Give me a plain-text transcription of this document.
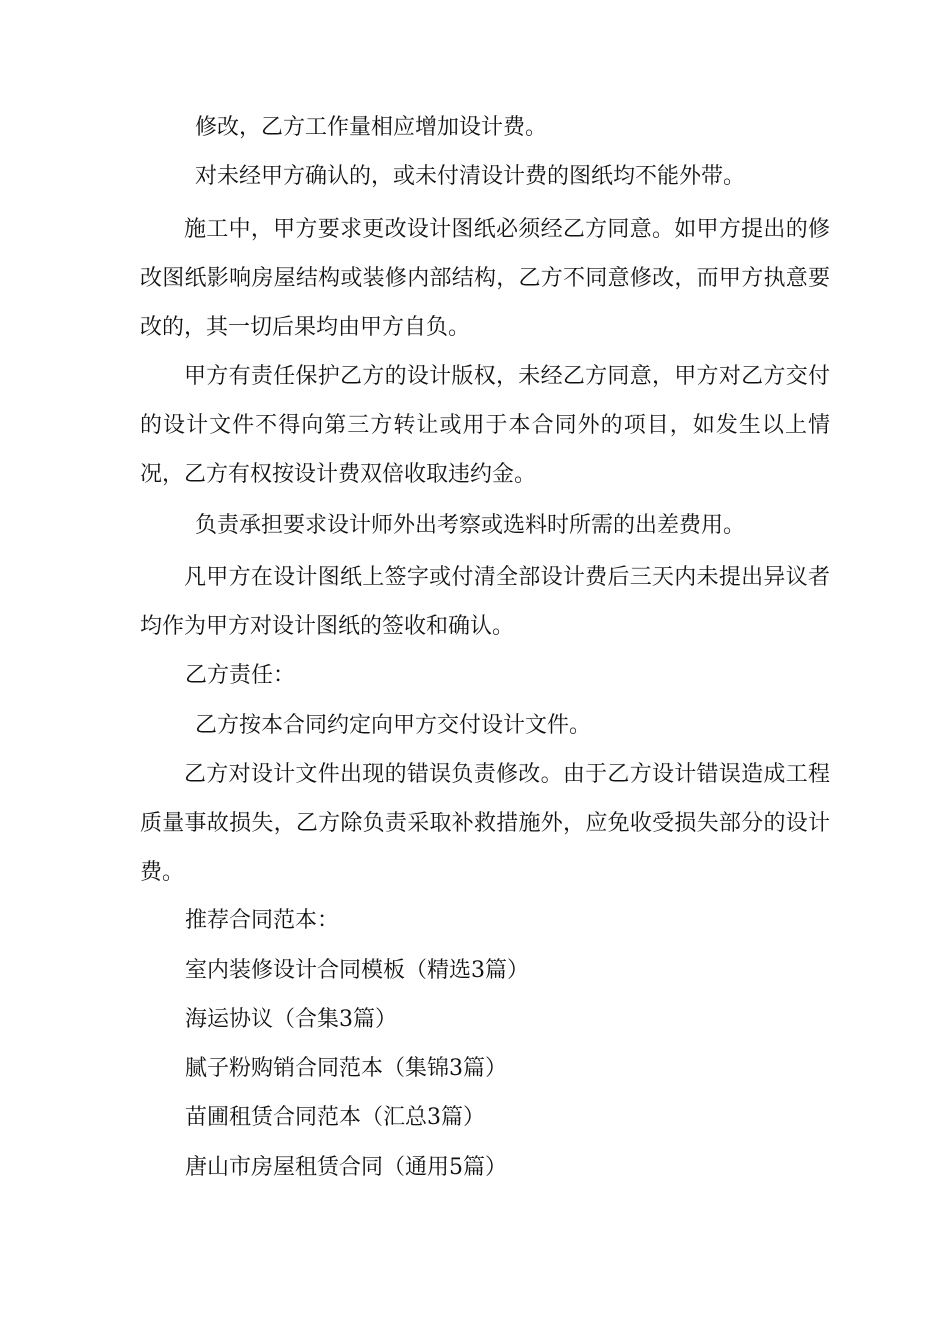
修改，乙方工作量相应增加设计费。
对未经甲方确认的，或未付清设计费的图纸均不能外带。
施工中，甲方要求更改设计图纸必须经乙方同意。如甲方提出的修改图纸影响房屋结构或装修内部结构，乙方不同意修改，而甲方执意要改的，其一切后果均由甲方自负。
甲方有责任保护乙方的设计版权，未经乙方同意，甲方对乙方交付的设计文件不得向第三方转让或用于本合同外的项目，如发生以上情况，乙方有权按设计费双倍收取违约金。
负责承担要求设计师外出考察或选料时所需的出差费用。
凡甲方在设计图纸上签字或付清全部设计费后三天内未提出异议者均作为甲方对设计图纸的签收和确认。
乙方责任：
乙方按本合同约定向甲方交付设计文件。
乙方对设计文件出现的错误负责修改。由于乙方设计错误造成工程质量事故损失，乙方除负责采取补救措施外，应免收受损失部分的设计费。
推荐合同范本：
室内装修设计合同模板（精选3篇）
海运协议（合集3篇）
腻子粉购销合同范本（集锦3篇）
苗圃租赁合同范本（汇总3篇）
唐山市房屋租赁合同（通用5篇）
